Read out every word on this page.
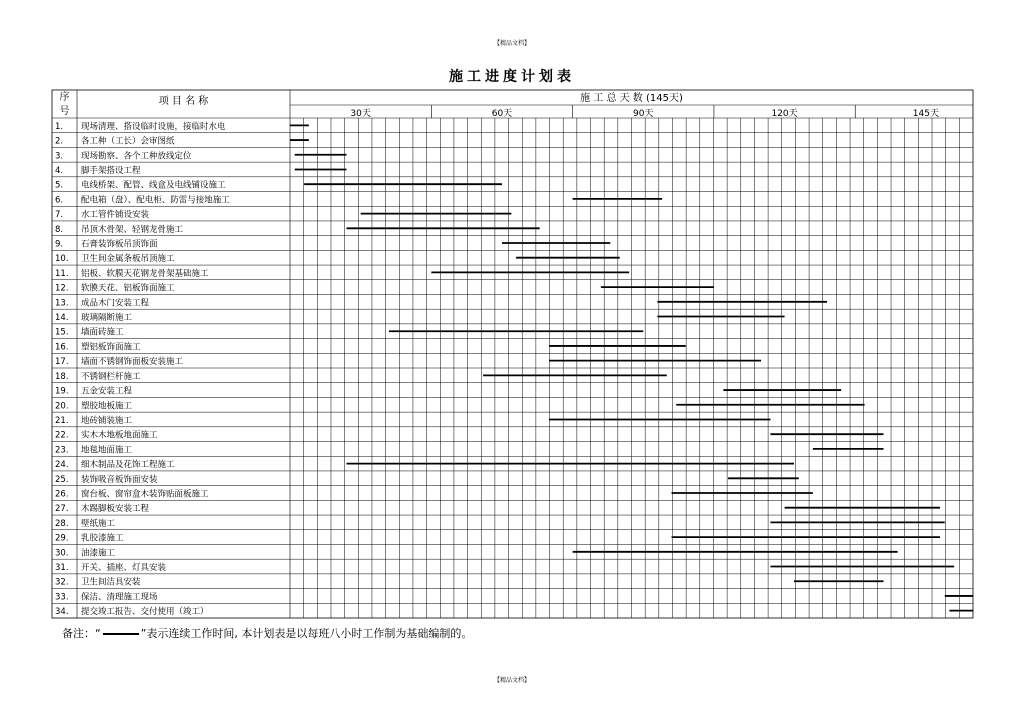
【精品文档】
施工进度计划表
序
号
项 目 名 称	施 工 总 天 数 (145天)
30天	60天	90天	120天	145天
1. 现场清理、搭设临时设施，接临时水电
2. 各工种（工长）会审图纸
3. 现场勘察、各个工种放线定位
4. 脚手架搭设工程
5. 电线桥架、配管、线盒及电线铺设施工
6. 配电箱（盘）、配电柜、防雷与接地施工
7. 水工管件铺设安装
8. 吊顶木骨架、轻钢龙骨施工
9. 石膏装饰板吊顶饰面
10. 卫生间金属条板吊顶施工
11. 铝板、软膜天花钢龙骨架基础施工
12. 软膜天花、铝板饰面施工
13. 成品木门安装工程
14. 玻璃隔断施工
15. 墙面砖施工
16. 塑铝板饰面施工
17. 墙面不锈钢饰面板安装施工
18. 不锈钢栏杆施工
19. 五金安装工程
20. 塑胶地板施工
21. 地砖铺装施工
22. 实木木地板地面施工
23. 地毯地面施工
24. 细木制品及花饰工程施工
25. 装饰吸音板饰面安装
26. 窗台板、窗帘盒木装饰贴面板施工
27. 木踢脚板安装工程
28. 壁纸施工
29. 乳胶漆施工
30. 油漆施工
31. 开关、插座、灯具安装
32. 卫生间洁具安装
33. 保洁、清理施工现场
34. 提交竣工报告、交付使用（竣工）
备注：“	”表示连续工作时间, 本计划表是以每班八小时工作制为基础编制的。
【精品文档】
